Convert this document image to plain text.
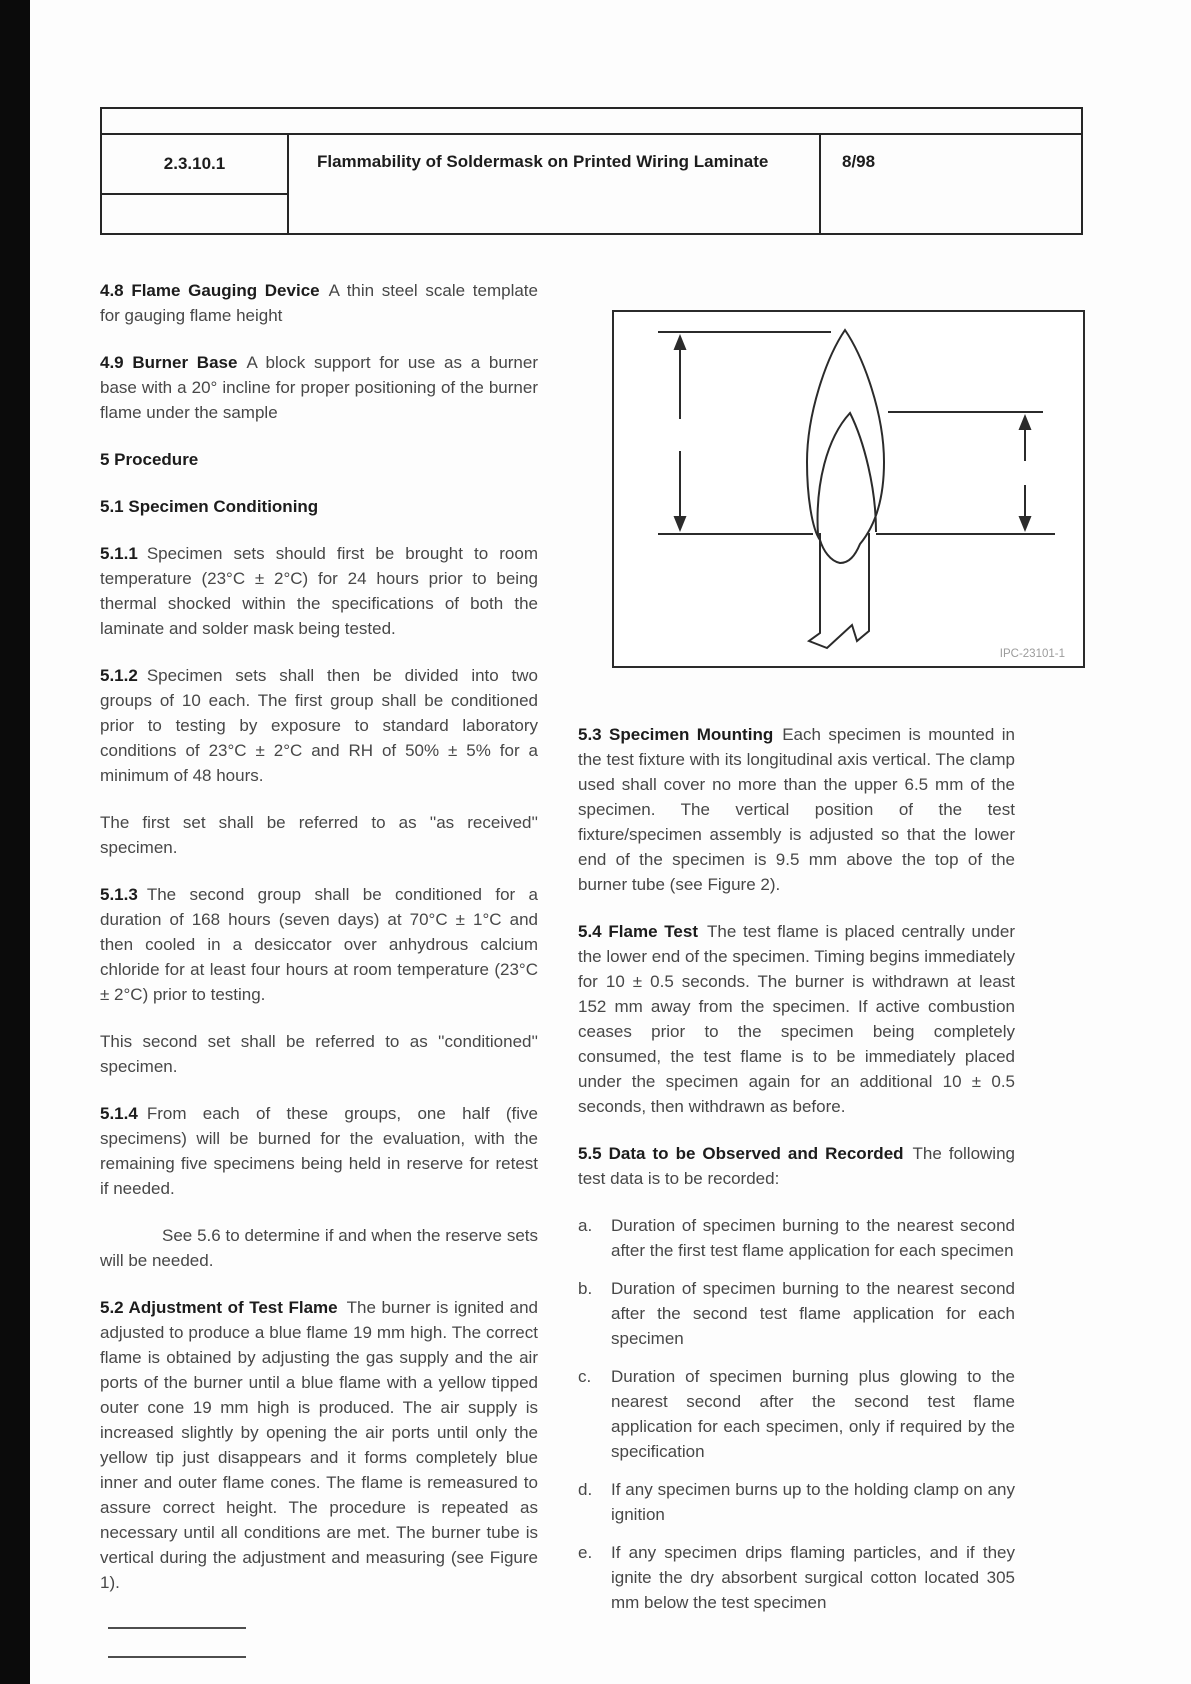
2.3.10.1	Flammability of Soldermask on Printed Wiring Laminate	8/98

4.8 Flame Gauging Device A thin steel scale template for gauging flame height

4.9 Burner Base A block support for use as a burner base with a 20° incline for proper positioning of the burner flame under the sample

5 Procedure

5.1 Specimen Conditioning

5.1.1 Specimen sets should first be brought to room temperature (23°C ± 2°C) for 24 hours prior to being thermal shocked within the specifications of both the laminate and solder mask being tested.

5.1.2 Specimen sets shall then be divided into two groups of 10 each. The first group shall be conditioned prior to testing by exposure to standard laboratory conditions of 23°C ± 2°C and RH of 50% ± 5% for a minimum of 48 hours.

The first set shall be referred to as ''as received'' specimen.

5.1.3 The second group shall be conditioned for a duration of 168 hours (seven days) at 70°C ± 1°C and then cooled in a desiccator over anhydrous calcium chloride for at least four hours at room temperature (23°C ± 2°C) prior to testing.

This second set shall be referred to as ''conditioned'' specimen.

5.1.4 From each of these groups, one half (five specimens) will be burned for the evaluation, with the remaining five specimens being held in reserve for retest if needed.

See 5.6 to determine if and when the reserve sets will be needed.

5.2 Adjustment of Test Flame The burner is ignited and adjusted to produce a blue flame 19 mm high. The correct flame is obtained by adjusting the gas supply and the air ports of the burner until a blue flame with a yellow tipped outer cone 19 mm high is produced. The air supply is increased slightly by opening the air ports until only the yellow tip just disappears and it forms completely blue inner and outer flame cones. The flame is remeasured to assure correct height. The procedure is repeated as necessary until all conditions are met. The burner tube is vertical during the adjustment and measuring (see Figure 1).

IPC-23101-1

5.3 Specimen Mounting Each specimen is mounted in the test fixture with its longitudinal axis vertical. The clamp used shall cover no more than the upper 6.5 mm of the specimen. The vertical position of the test fixture/specimen assembly is adjusted so that the lower end of the specimen is 9.5 mm above the top of the burner tube (see Figure 2).

5.4 Flame Test The test flame is placed centrally under the lower end of the specimen. Timing begins immediately for 10 ± 0.5 seconds. The burner is withdrawn at least 152 mm away from the specimen. If active combustion ceases prior to the specimen being completely consumed, the test flame is to be immediately placed under the specimen again for an additional 10 ± 0.5 seconds, then withdrawn as before.

5.5 Data to be Observed and Recorded The following test data is to be recorded:

a.	Duration of specimen burning to the nearest second after the first test flame application for each specimen
b.	Duration of specimen burning to the nearest second after the second test flame application for each specimen
c.	Duration of specimen burning plus glowing to the nearest second after the second test flame application for each specimen, only if required by the specification
d.	If any specimen burns up to the holding clamp on any ignition
e.	If any specimen drips flaming particles, and if they ignite the dry absorbent surgical cotton located 305 mm below the test specimen
